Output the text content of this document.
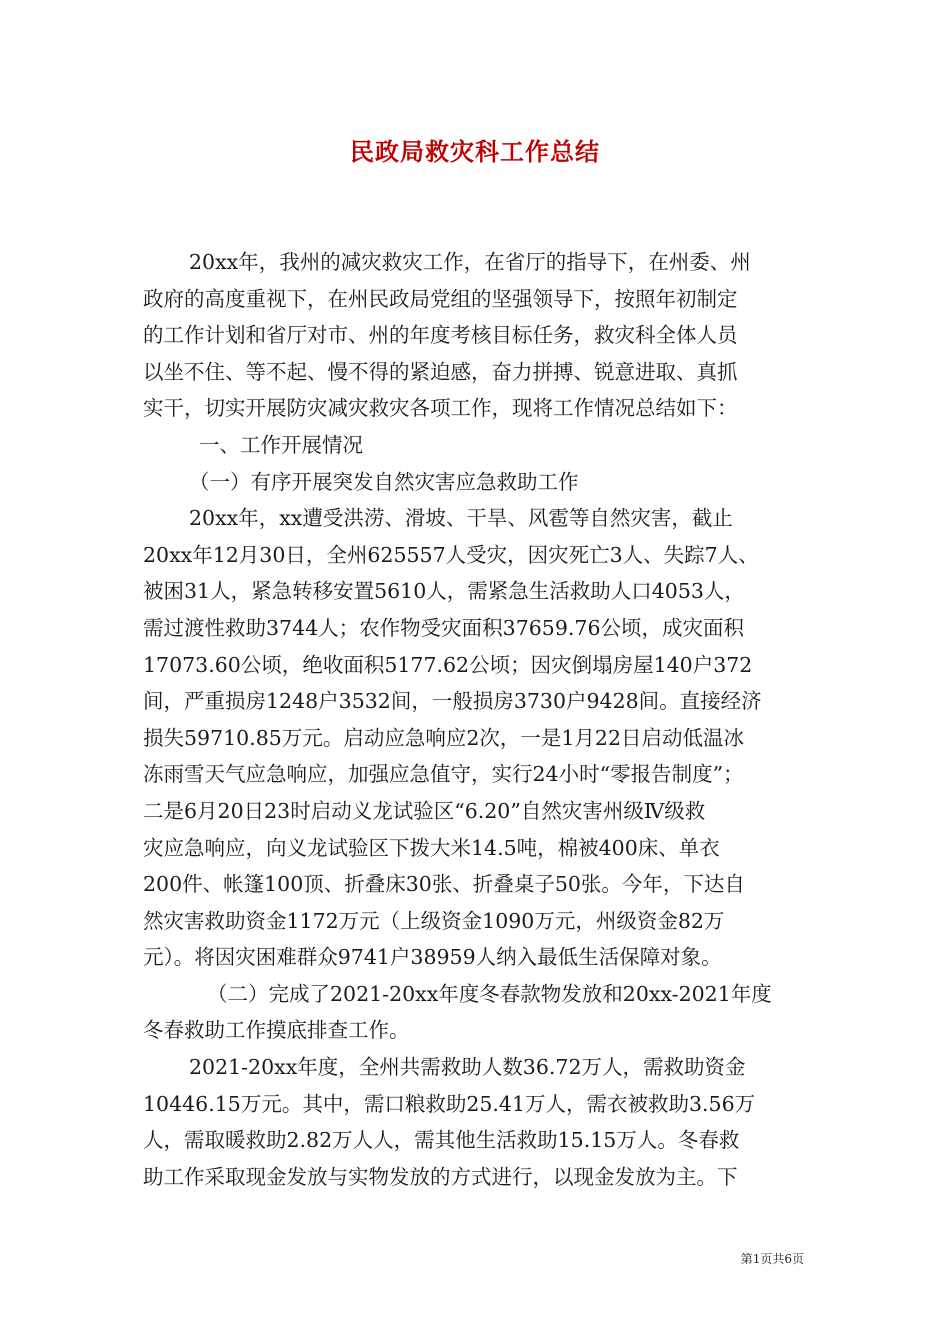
民政局救灾科工作总结
20xx年，我州的减灾救灾工作，在省厅的指导下，在州委、州
政府的高度重视下，在州民政局党组的坚强领导下，按照年初制定
的工作计划和省厅对市、州的年度考核目标任务，救灾科全体人员
以坐不住、等不起、慢不得的紧迫感，奋力拼搏、锐意进取、真抓
实干，切实开展防灾减灾救灾各项工作，现将工作情况总结如下：
一、工作开展情况
（一）有序开展突发自然灾害应急救助工作
20xx年，xx遭受洪涝、滑坡、干旱、风雹等自然灾害，截止
20xx年12月30日，全州625557人受灾，因灾死亡3人、失踪7人、
被困31人，紧急转移安置5610人，需紧急生活救助人口4053人，
需过渡性救助3744人；农作物受灾面积37659.76公顷，成灾面积
17073.60公顷，绝收面积5177.62公顷；因灾倒塌房屋140户372
间，严重损房1248户3532间，一般损房3730户9428间。直接经济
损失59710.85万元。启动应急响应2次，一是1月22日启动低温冰
冻雨雪天气应急响应，加强应急值守，实行24小时“零报告制度”；
二是6月20日23时启动义龙试验区“6.20”自然灾害州级Ⅳ级救
灾应急响应，向义龙试验区下拨大米14.5吨，棉被400床、单衣
200件、帐篷100顶、折叠床30张、折叠桌子50张。今年，下达自
然灾害救助资金1172万元（上级资金1090万元，州级资金82万
元）。将因灾困难群众9741户38959人纳入最低生活保障对象。
（二）完成了2021-20xx年度冬春款物发放和20xx-2021年度
冬春救助工作摸底排查工作。
2021-20xx年度，全州共需救助人数36.72万人，需救助资金
10446.15万元。其中，需口粮救助25.41万人，需衣被救助3.56万
人，需取暖救助2.82万人人，需其他生活救助15.15万人。冬春救
助工作采取现金发放与实物发放的方式进行，以现金发放为主。下
第1页共6页
